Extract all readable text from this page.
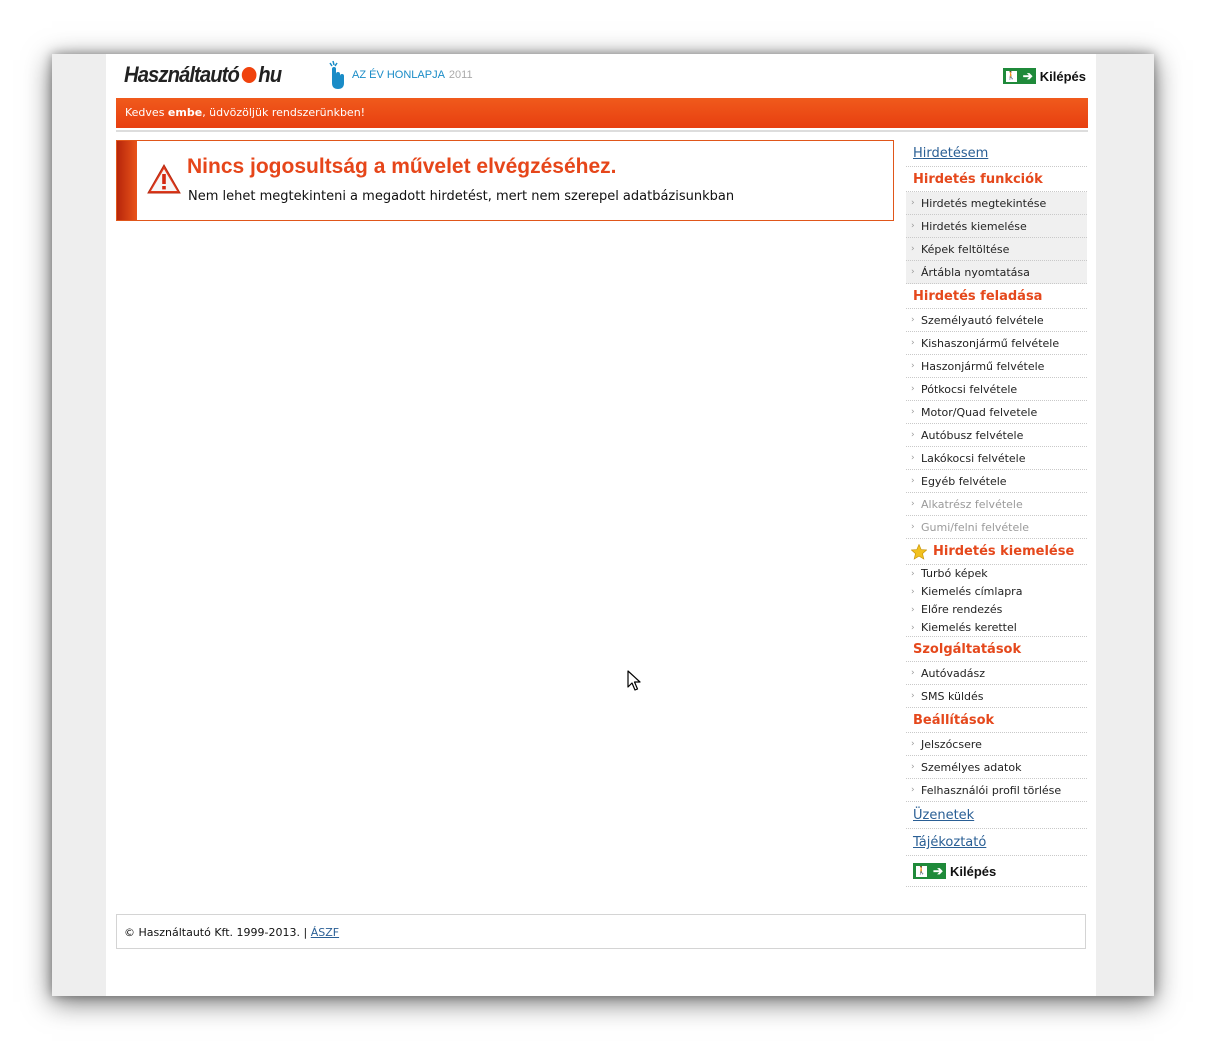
Használtautó hu	AZ ÉV HONLAPJA 2011	🚶 ➔ Kilépés
Kedves embe, üdvözöljük rendszerünkben!
Nincs jogosultság a művelet elvégzéséhez.
Nem lehet megtekinteni a megadott hirdetést, mert nem szerepel adatbázisunkban
Hirdetésem
Hirdetés funkciók
› Hirdetés megtekintése
› Hirdetés kiemelése
› Képek feltöltése
› Ártábla nyomtatása
Hirdetés feladása
› Személyautó felvétele
› Kishaszonjármű felvétele
› Haszonjármű felvétele
› Pótkocsi felvétele
› Motor/Quad felvetele
› Autóbusz felvétele
› Lakókocsi felvétele
› Egyéb felvétele
› Alkatrész felvétele
› Gumi/felni felvétele
Hirdetés kiemelése
› Turbó képek
› Kiemelés címlapra
› Előre rendezés
› Kiemelés kerettel
Szolgáltatások
› Autóvadász
› SMS küldés
Beállítások
› Jelszócsere
› Személyes adatok
› Felhasználói profil törlése
Üzenetek
Tájékoztató
🚶 ➔ Kilépés
© Használtautó Kft. 1999-2013. | ÁSZF
